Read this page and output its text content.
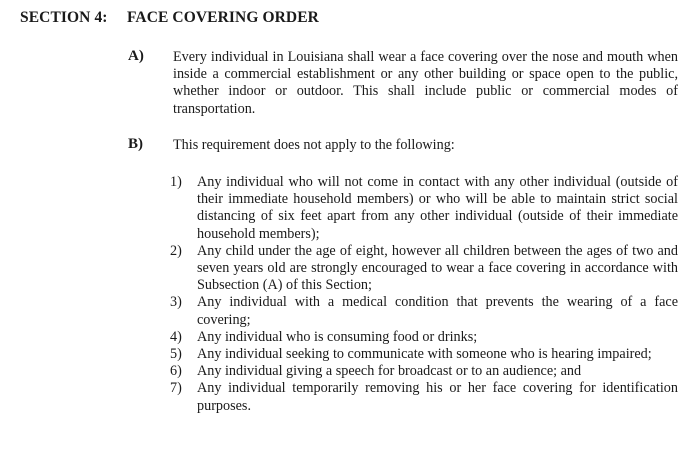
SECTION 4: FACE COVERING ORDER
A) Every individual in Louisiana shall wear a face covering over the nose and mouth when inside a commercial establishment or any other building or space open to the public, whether indoor or outdoor. This shall include public or commercial modes of transportation.
B) This requirement does not apply to the following:
1) Any individual who will not come in contact with any other individual (outside of their immediate household members) or who will be able to maintain strict social distancing of six feet apart from any other individual (outside of their immediate household members);
2) Any child under the age of eight, however all children between the ages of two and seven years old are strongly encouraged to wear a face covering in accordance with Subsection (A) of this Section;
3) Any individual with a medical condition that prevents the wearing of a face covering;
4) Any individual who is consuming food or drinks;
5) Any individual seeking to communicate with someone who is hearing impaired;
6) Any individual giving a speech for broadcast or to an audience; and
7) Any individual temporarily removing his or her face covering for identification purposes.
